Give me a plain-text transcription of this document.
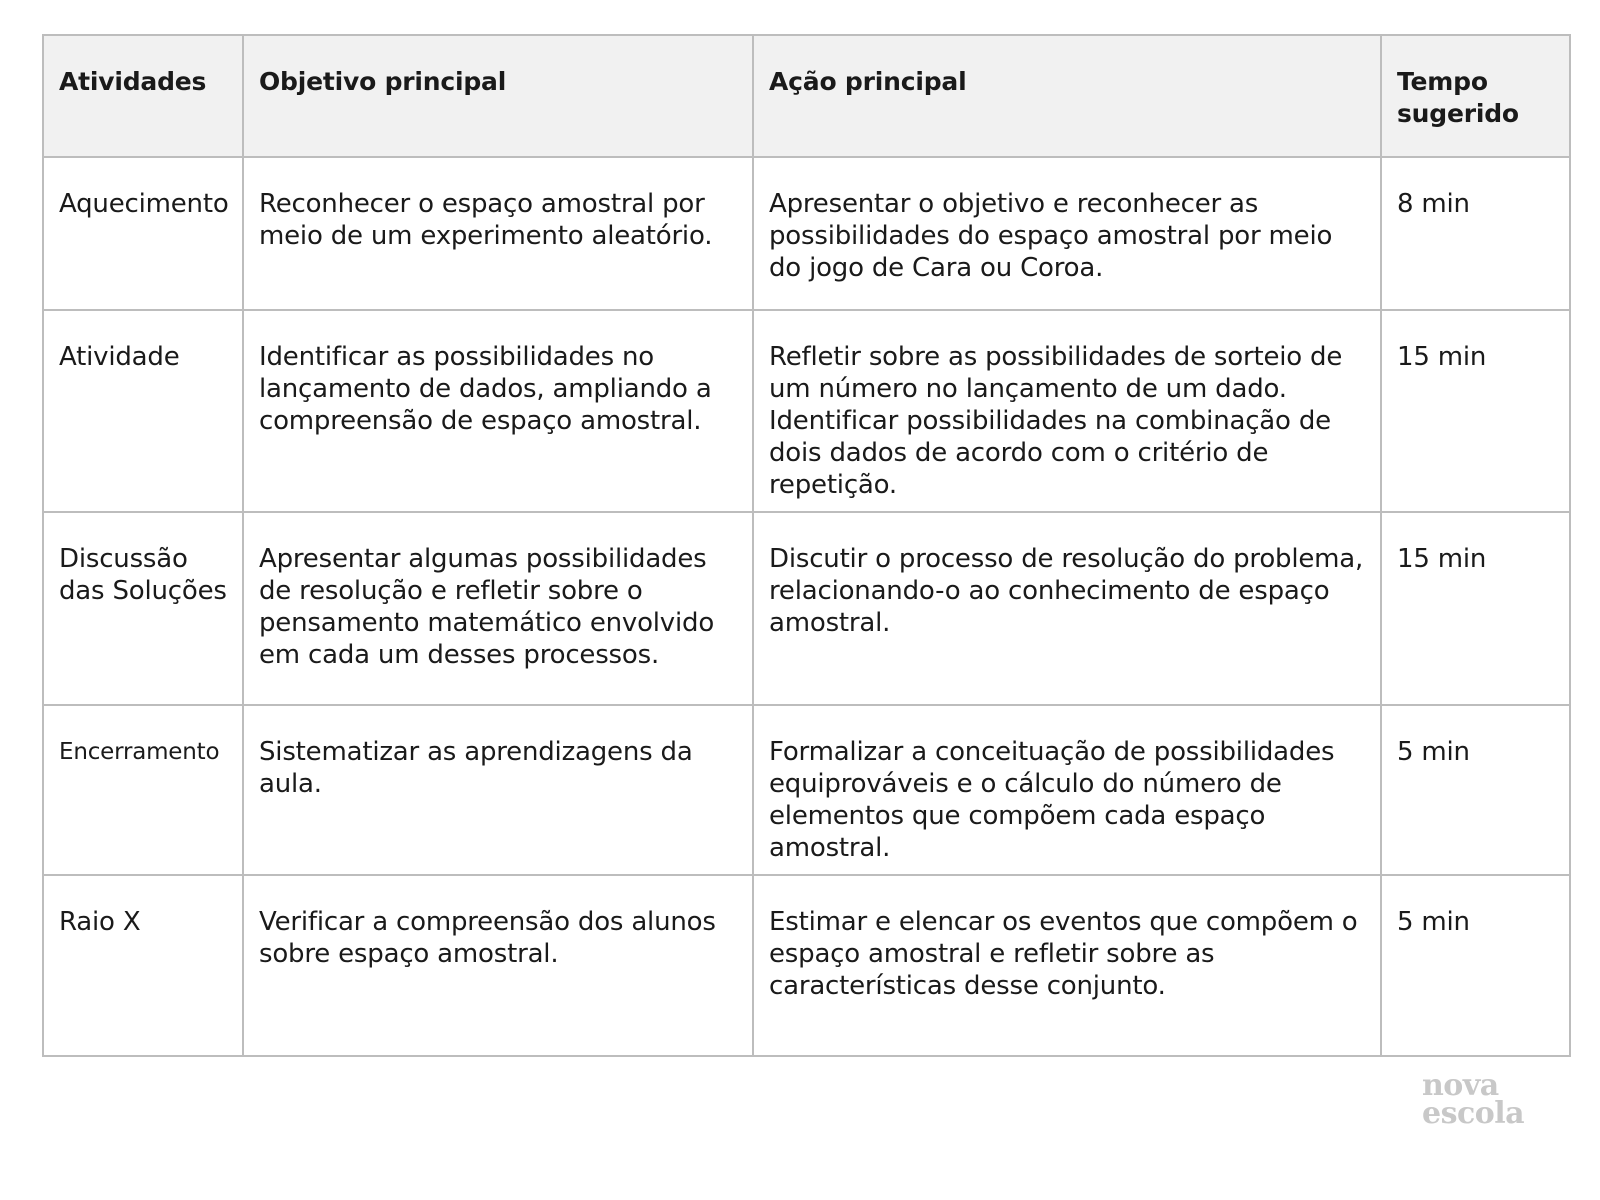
Atividades	Objetivo principal	Ação principal	Tempo
sugerido

Aquecimento	Reconhecer o espaço amostral por meio de um experimento aleatório.	Apresentar o objetivo e reconhecer as possibilidades do espaço amostral por meio do jogo de Cara ou Coroa.	8 min

Atividade	Identificar as possibilidades no lançamento de dados, ampliando a compreensão de espaço amostral.	Refletir sobre as possibilidades de sorteio de um número no lançamento de um dado.
Identificar possibilidades na combinação de dois dados de acordo com o critério de repetição.	15 min

Discussão das Soluções	Apresentar algumas possibilidades de resolução e refletir sobre o pensamento matemático envolvido em cada um desses processos.	Discutir o processo de resolução do problema, relacionando-o ao conhecimento de espaço amostral.	15 min

Encerramento	Sistematizar as aprendizagens da aula.	Formalizar a conceituação de possibilidades equiprováveis e o cálculo do número de elementos que compõem cada espaço amostral.	5 min

Raio X	Verificar a compreensão dos alunos sobre espaço amostral.	Estimar e elencar os eventos que compõem o espaço amostral e refletir sobre as características desse conjunto.	5 min
nova
escola
